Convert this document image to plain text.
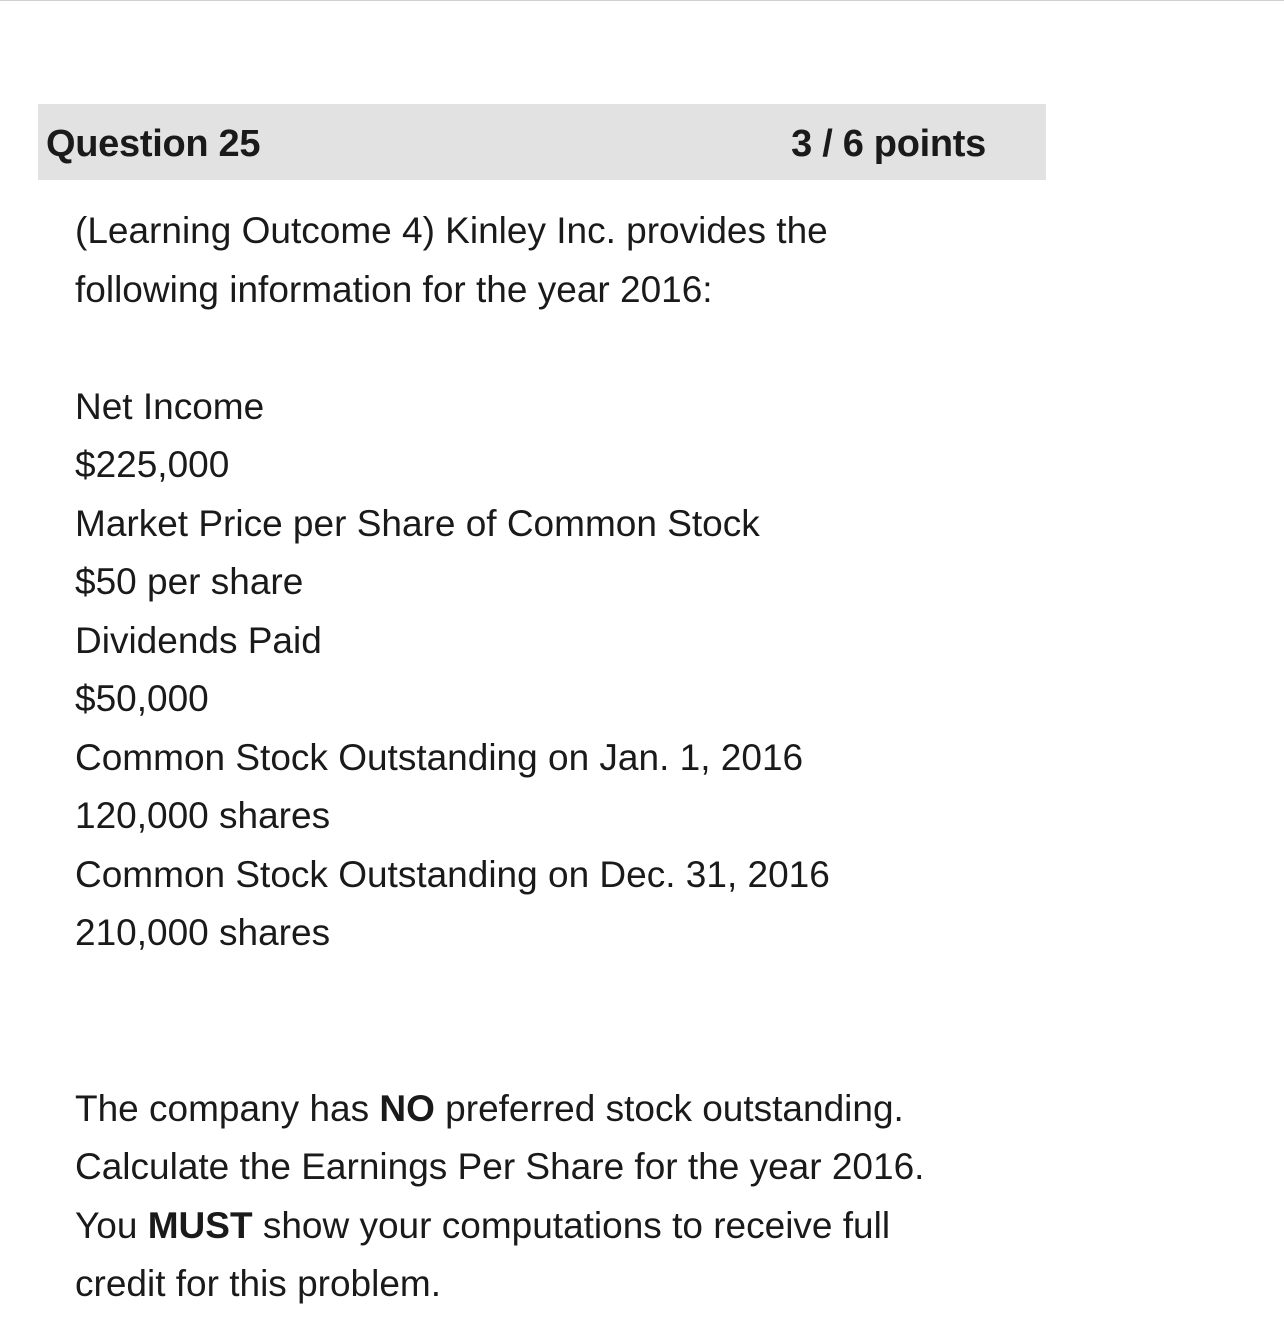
Question 25	3 / 6 points

(Learning Outcome 4) Kinley Inc. provides the
following information for the year 2016:

Net Income
$225,000
Market Price per Share of Common Stock
$50 per share
Dividends Paid
$50,000
Common Stock Outstanding on Jan. 1, 2016
120,000 shares
Common Stock Outstanding on Dec. 31, 2016
210,000 shares
The company has NO preferred stock outstanding.
Calculate the Earnings Per Share for the year 2016.
You MUST show your computations to receive full
credit for this problem.
